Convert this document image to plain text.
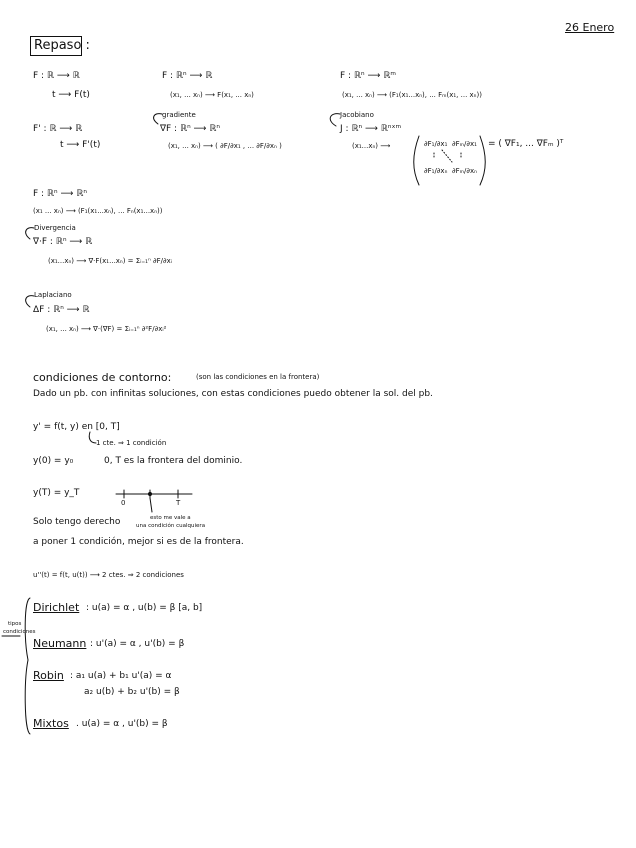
26 Enero
Repaso :
F : ℝ ⟶ ℝ
t ⟶ F(t)
F : ℝⁿ ⟶ ℝ
(x₁, ... xₙ) ⟶ F(x₁, ... xₙ)
F : ℝⁿ ⟶ ℝᵐ
(x₁, ... xₙ) ⟶ (F₁(x₁...xₙ), ... Fₘ(x₁, ... xₙ))
F' : ℝ ⟶ ℝ
t ⟶ F'(t)
gradiente
∇F : ℝⁿ ⟶ ℝⁿ
(x₁, ... xₙ) ⟶ ( ∂F/∂x₁ , ... ∂F/∂xₙ )
Jacobiano
J : ℝⁿ ⟶ ℝⁿˣᵐ
(x₁...xₙ) ⟶	∂F₁/∂x₁ ∂Fₘ/∂x₁
∂F₁/∂xₙ ∂Fₘ/∂xₙ
= ( ∇F₁, ... ∇Fₘ )ᵀ
F : ℝⁿ ⟶ ℝⁿ
(x₁ ... xₙ) ⟶ (F₁(x₁...xₙ), ... Fₙ(x₁...xₙ))
Divergencia
∇·F : ℝⁿ ⟶ ℝ
(x₁...xₙ) ⟶ ∇·F(x₁...xₙ) = Σᵢ₌₁ⁿ ∂F/∂xᵢ
Laplaciano
ΔF : ℝⁿ ⟶ ℝ
(x₁, ... xₙ) ⟶ ∇·(∇F) = Σᵢ₌₁ⁿ ∂²F/∂xᵢ²
condiciones de contorno:	(son las condiciones en la frontera)
Dado un pb. con infinitas soluciones, con estas condiciones puedo obtener la sol. del pb.
y' = f(t, y) en [0, T]
1 cte. ⇒ 1 condición
y(0) = y₀	0, T es la frontera del dominio.
y(T) = y_T
0	T
esto me vale a
una condición cualquiera
Solo tengo derecho
a poner 1 condición, mejor si es de la frontera.
u''(t) = f(t, u(t)) ⟶ 2 ctes. ⇒ 2 condiciones
tipos
condiciones
Dirichlet : u(a) = α , u(b) = β [a, b]
Neumann : u'(a) = α , u'(b) = β
Robin : a₁ u(a) + b₁ u'(a) = α
a₂ u(b) + b₂ u'(b) = β
Mixtos . u(a) = α , u'(b) = β
